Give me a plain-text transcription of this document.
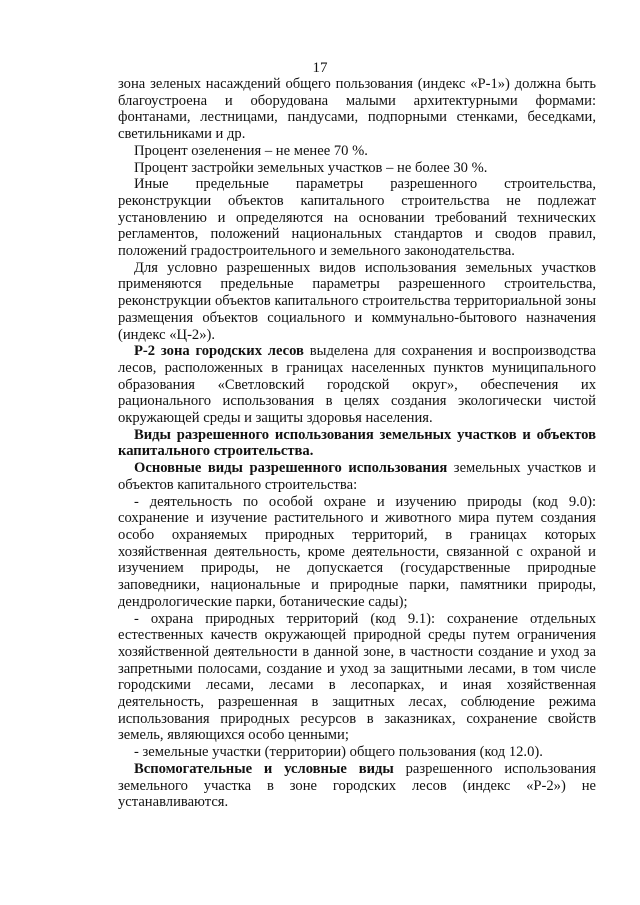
17

зона зеленых насаждений общего пользования (индекс «Р-1») должна быть благоустроена и оборудована малыми архитектурными формами: фонтанами, лестницами, пандусами, подпорными стенками, беседками, светильниками и др.

Процент озеленения – не менее 70 %.

Процент застройки земельных участков – не более 30 %.

Иные предельные параметры разрешенного строительства, реконструкции объектов капитального строительства не подлежат установлению и определяются на основании требований технических регламентов, положений национальных стандартов и сводов правил, положений градостроительного и земельного законодательства.

Для условно разрешенных видов использования земельных участков применяются предельные параметры разрешенного строительства, реконструкции объектов капитального строительства территориальной зоны размещения объектов социального и коммунально-бытового назначения (индекс «Ц-2»).

Р-2 зона городских лесов выделена для сохранения и воспроизводства лесов, расположенных в границах населенных пунктов муниципального образования «Светловский городской округ», обеспечения их рационального использования в целях создания экологически чистой окружающей среды и защиты здоровья населения.

Виды разрешенного использования земельных участков и объектов капитального строительства.

Основные виды разрешенного использования земельных участков и объектов капитального строительства:

- деятельность по особой охране и изучению природы (код 9.0): сохранение и изучение растительного и животного мира путем создания особо охраняемых природных территорий, в границах которых хозяйственная деятельность, кроме деятельности, связанной с охраной и изучением природы, не допускается (государственные природные заповедники, национальные и природные парки, памятники природы, дендрологические парки, ботанические сады);

- охрана природных территорий (код 9.1): сохранение отдельных естественных качеств окружающей природной среды путем ограничения хозяйственной деятельности в данной зоне, в частности создание и уход за запретными полосами, создание и уход за защитными лесами, в том числе городскими лесами, лесами в лесопарках, и иная хозяйственная деятельность, разрешенная в защитных лесах, соблюдение режима использования природных ресурсов в заказниках, сохранение свойств земель, являющихся особо ценными;

- земельные участки (территории) общего пользования (код 12.0).

Вспомогательные и условные виды разрешенного использования земельного участка в зоне городских лесов (индекс «Р-2») не устанавливаются.
